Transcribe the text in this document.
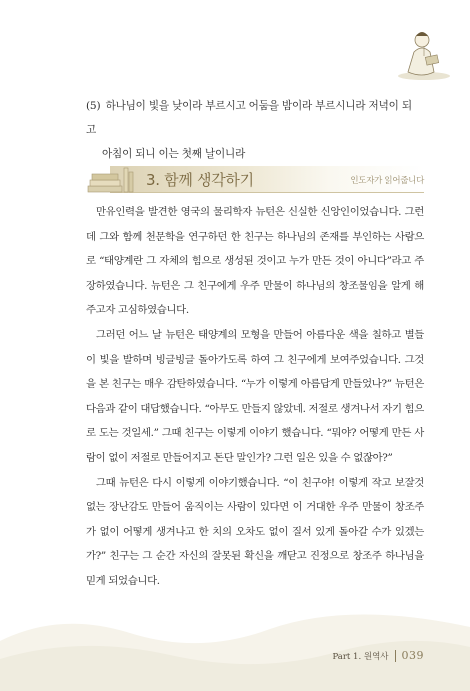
(5) 하나님이 빛을 낮이라 부르시고 어둠을 밤이라 부르시니라 저녁이 되고
아침이 되니 이는 첫째 날이니라
3. 함께 생각하기	인도자가 읽어줍니다

만유인력을 발견한 영국의 물리학자 뉴턴은 신실한 신앙인이었습니다. 그런데 그와 함께 천문학을 연구하던 한 친구는 하나님의 존재를 부인하는 사람으로 “태양계란 그 자체의 힘으로 생성된 것이고 누가 만든 것이 아니다”라고 주장하였습니다. 뉴턴은 그 친구에게 우주 만물이 하나님의 창조물임을 알게 해주고자 고심하였습니다.

그러던 어느 날 뉴턴은 태양계의 모형을 만들어 아름다운 색을 칠하고 별들이 빛을 발하며 빙글빙글 돌아가도록 하여 그 친구에게 보여주었습니다. 그것을 본 친구는 매우 감탄하였습니다. “누가 이렇게 아름답게 만들었나?” 뉴턴은 다음과 같이 대답했습니다. “아무도 만들지 않았네. 저절로 생겨나서 자기 힘으로 도는 것일세.” 그때 친구는 이렇게 이야기 했습니다. “뭐야? 어떻게 만든 사람이 없이 저절로 만들어지고 돈단 말인가? 그런 일은 있을 수 없잖아?”

그때 뉴턴은 다시 이렇게 이야기했습니다. “이 친구야! 이렇게 작고 보잘것없는 장난감도 만들어 움직이는 사람이 있다면 이 거대한 우주 만물이 창조주가 없이 어떻게 생겨나고 한 치의 오차도 없이 질서 있게 돌아갈 수가 있겠는가?” 친구는 그 순간 자신의 잘못된 확신을 깨닫고 진정으로 창조주 하나님을 믿게 되었습니다.

Part 1. 원역사 039
